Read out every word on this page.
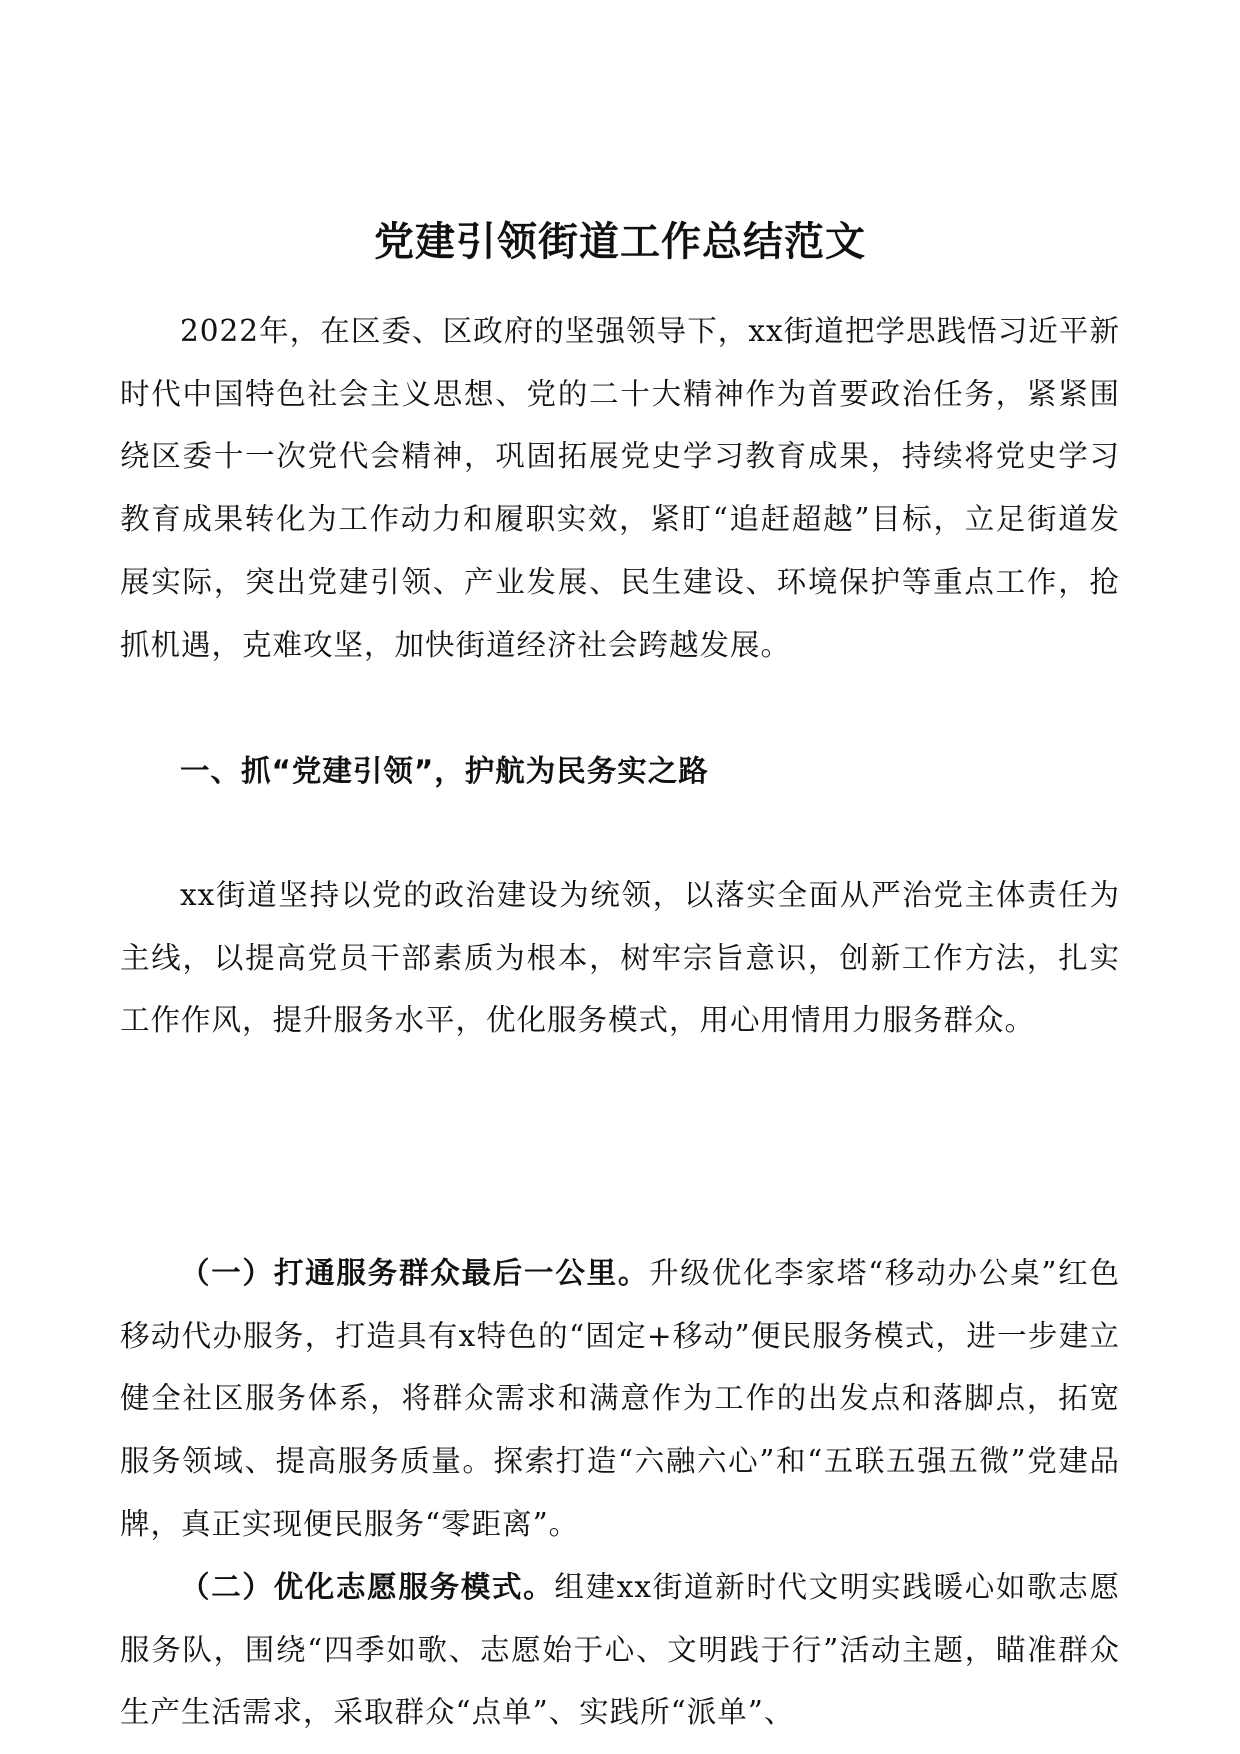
党建引领街道工作总结范文

2022年，在区委、区政府的坚强领导下，xx街道把学思践悟习近平新时代中国特色社会主义思想、党的二十大精神作为首要政治任务，紧紧围绕区委十一次党代会精神，巩固拓展党史学习教育成果，持续将党史学习教育成果转化为工作动力和履职实效，紧盯“追赶超越”目标，立足街道发展实际，突出党建引领、产业发展、民生建设、环境保护等重点工作，抢抓机遇，克难攻坚，加快街道经济社会跨越发展。

一、抓“党建引领”，护航为民务实之路

xx街道坚持以党的政治建设为统领，以落实全面从严治党主体责任为主线，以提高党员干部素质为根本，树牢宗旨意识，创新工作方法，扎实工作作风，提升服务水平，优化服务模式，用心用情用力服务群众。

（一）打通服务群众最后一公里。升级优化李家塔“移动办公桌”红色移动代办服务，打造具有x特色的“固定+移动”便民服务模式，进一步建立健全社区服务体系，将群众需求和满意作为工作的出发点和落脚点，拓宽服务领域、提高服务质量。探索打造“六融六心”和“五联五强五微”党建品牌，真正实现便民服务“零距离”。

（二）优化志愿服务模式。组建xx街道新时代文明实践暖心如歌志愿服务队，围绕“四季如歌、志愿始于心、文明践于行”活动主题，瞄准群众生产生活需求，采取群众“点单”、实践所“派单”、
